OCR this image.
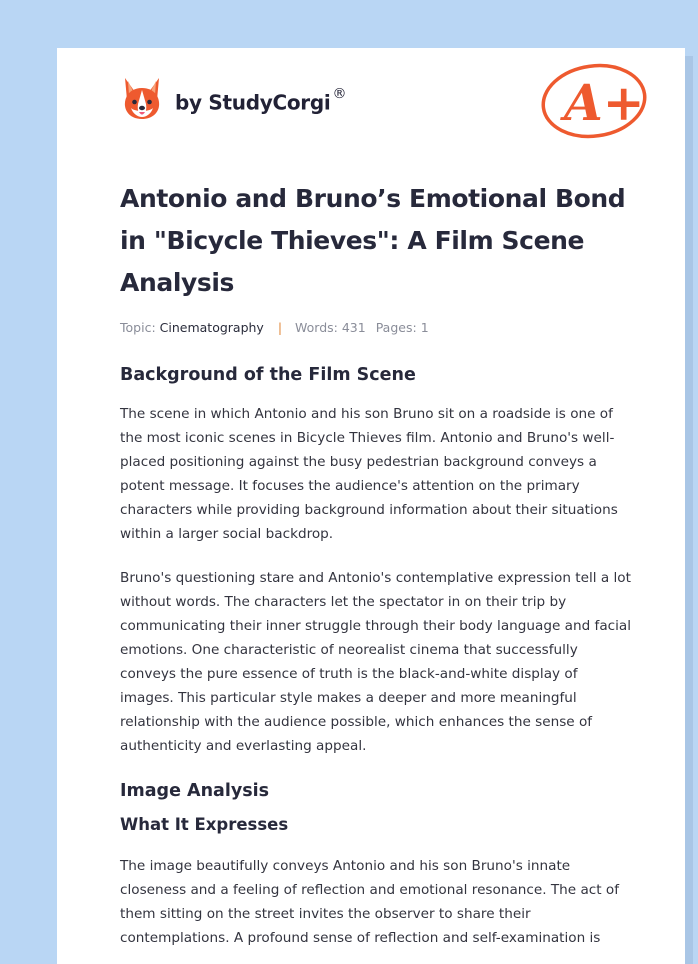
by StudyCorgi ®	A+
Antonio and Bruno’s Emotional Bond in "Bicycle Thieves": A Film Scene Analysis
Topic: Cinematography | Words: 431 Pages: 1
Background of the Film Scene

The scene in which Antonio and his son Bruno sit on a roadside is one of the most iconic scenes in Bicycle Thieves film. Antonio and Bruno's well-placed positioning against the busy pedestrian background conveys a potent message. It focuses the audience's attention on the primary characters while providing background information about their situations within a larger social backdrop.

Bruno's questioning stare and Antonio's contemplative expression tell a lot without words. The characters let the spectator in on their trip by communicating their inner struggle through their body language and facial emotions. One characteristic of neorealist cinema that successfully conveys the pure essence of truth is the black-and-white display of images. This particular style makes a deeper and more meaningful relationship with the audience possible, which enhances the sense of authenticity and everlasting appeal.

Image Analysis
What It Expresses

The image beautifully conveys Antonio and his son Bruno's innate closeness and a feeling of reflection and emotional resonance. The act of them sitting on the street invites the observer to share their contemplations. A profound sense of reflection and self-examination is
